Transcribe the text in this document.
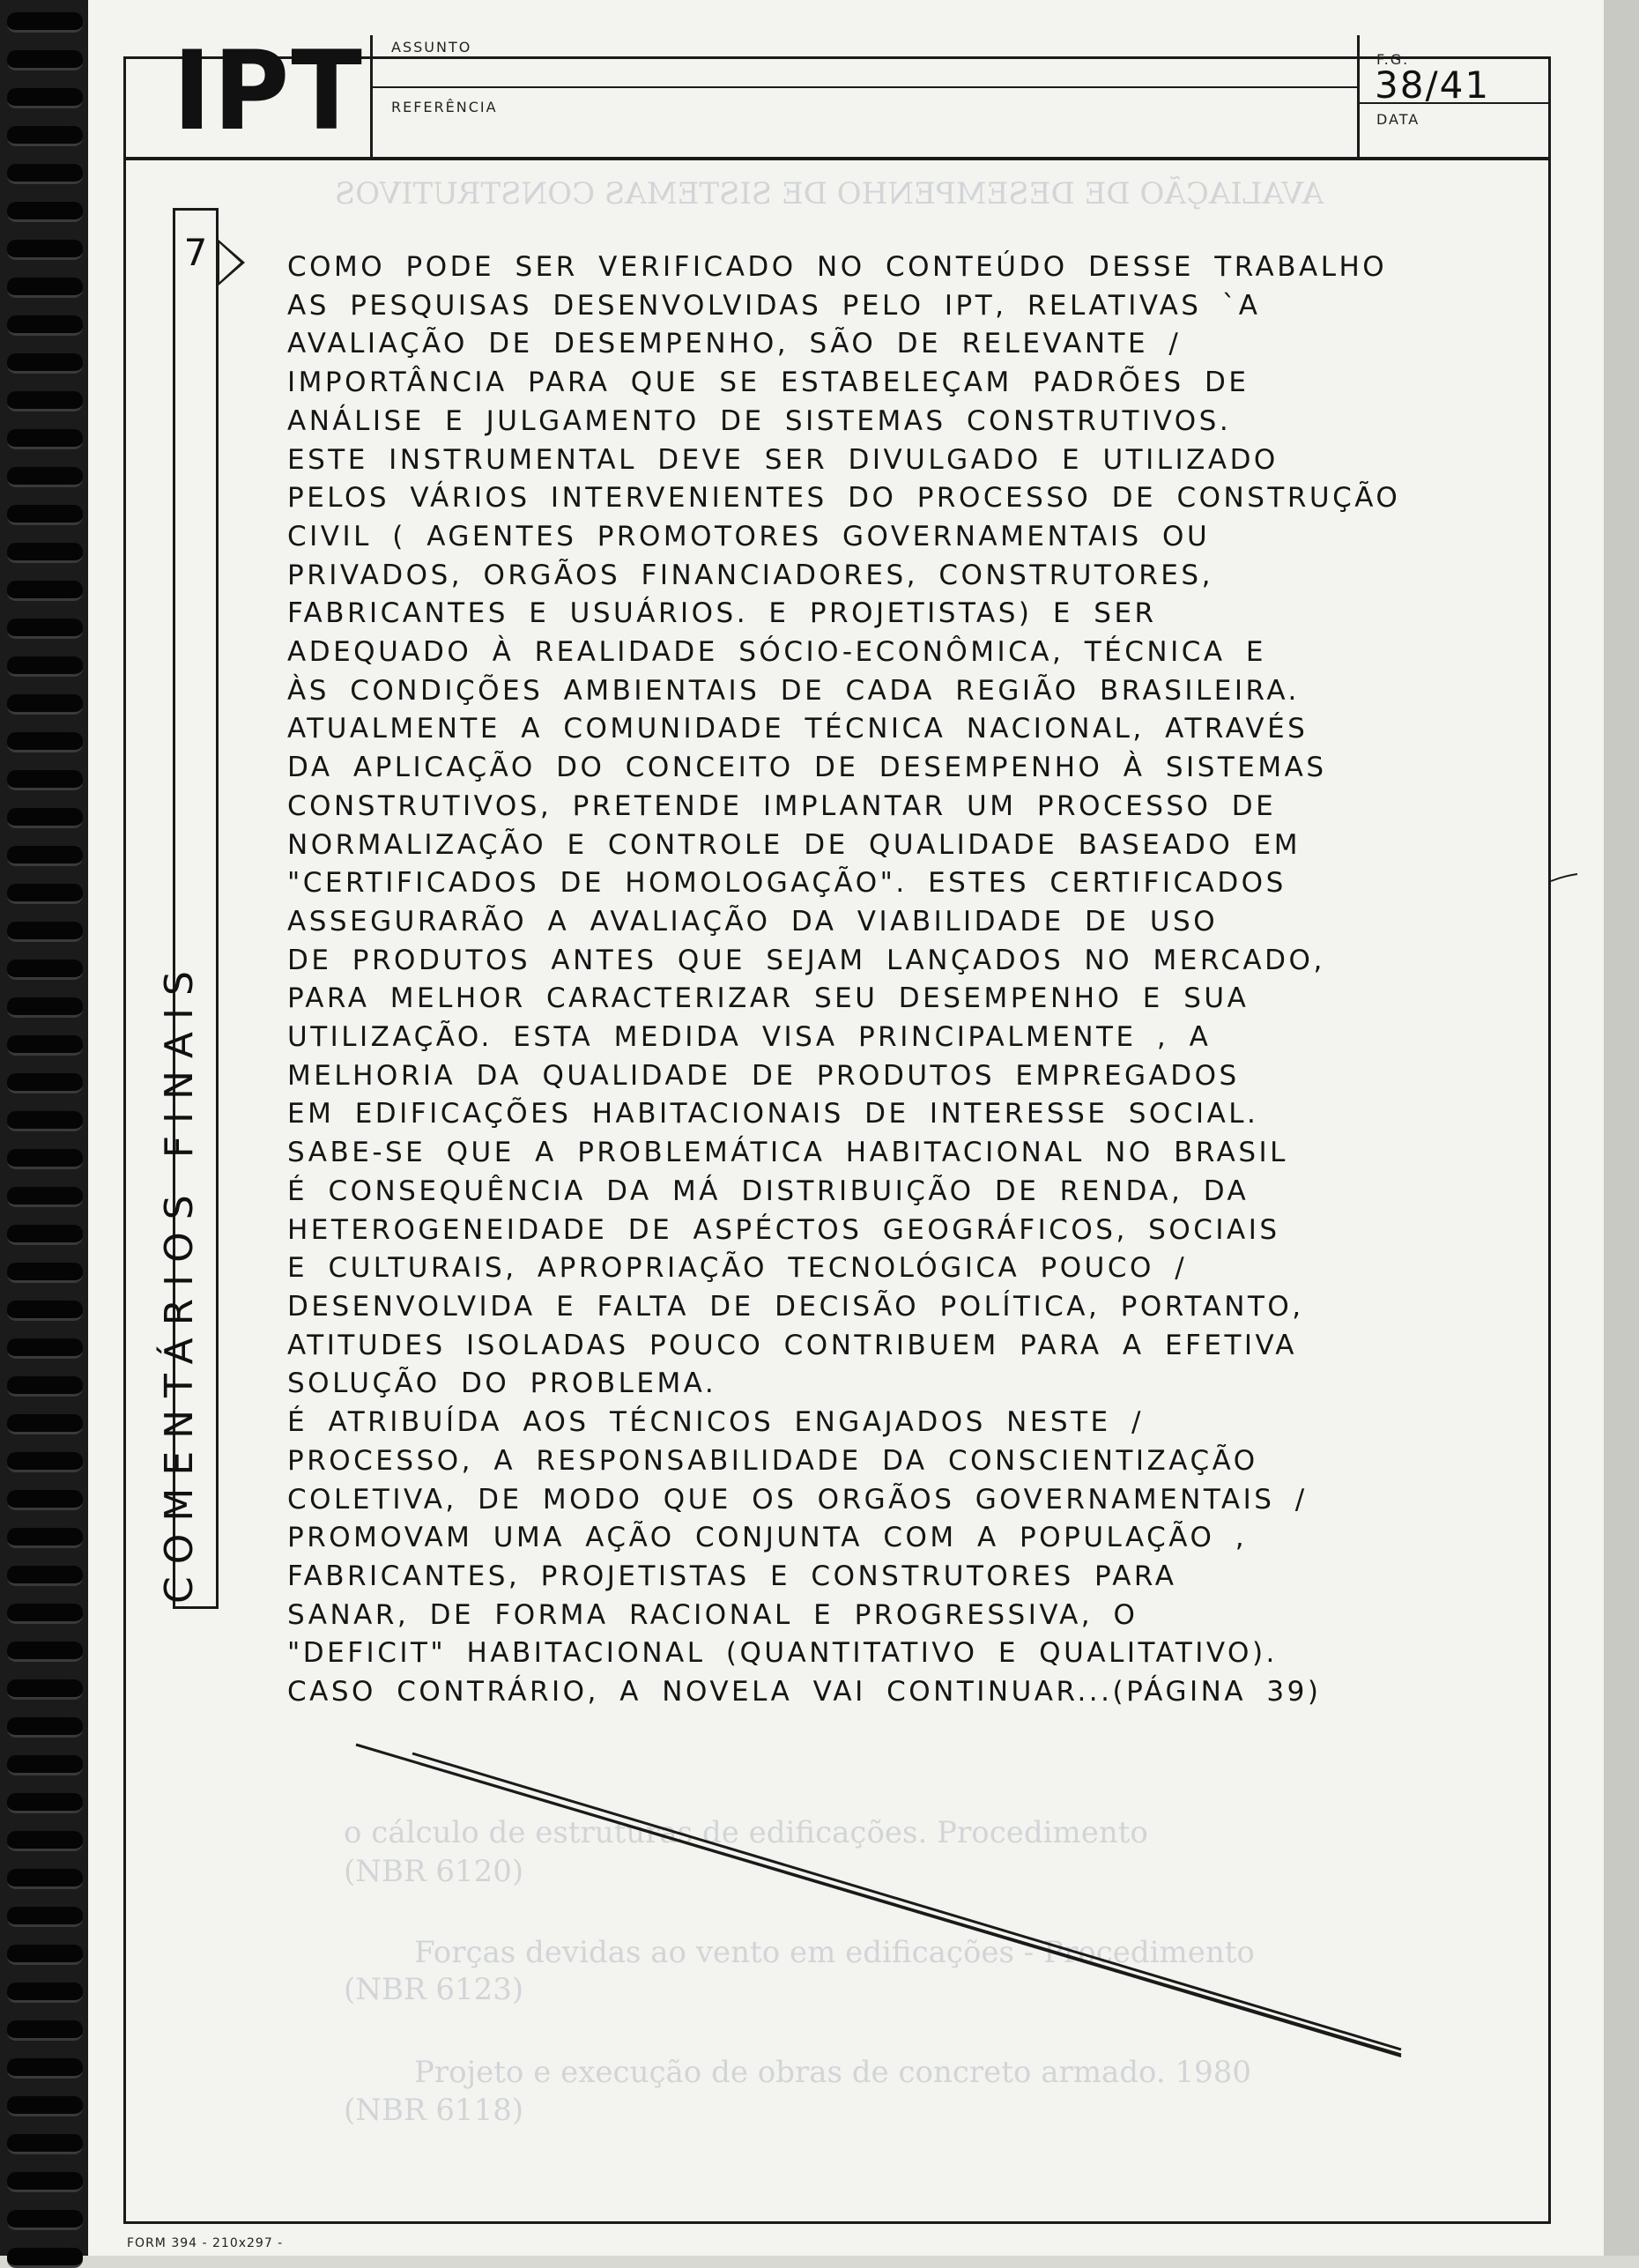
AVALIAÇÃO DE DESEMPENHO DE SISTEMAS CONSTRUTIVOS
Forças devidas ao vento em edificações - Procedimento
Projeto e execução de obras de concreto armado. 1980
(NBR 6118)
(NBR 6123)
o cálculo de estruturas de edificações. Procedimento
(NBR 6120)
IPT ASSUNTO
REFERÊNCIA
F.G.
DATA
38/41
7
COMENTÁRIOS FINAIS
COMO PODE SER VERIFICADO NO CONTEÚDO DESSE TRABALHO
AS PESQUISAS DESENVOLVIDAS PELO IPT, RELATIVAS `A
AVALIAÇÃO DE DESEMPENHO, SÃO DE RELEVANTE /
IMPORTÂNCIA PARA QUE SE ESTABELEÇAM PADRÕES DE
ANÁLISE E JULGAMENTO DE SISTEMAS CONSTRUTIVOS.
ESTE INSTRUMENTAL DEVE SER DIVULGADO E UTILIZADO
PELOS VÁRIOS INTERVENIENTES DO PROCESSO DE CONSTRUÇÃO
CIVIL ( AGENTES PROMOTORES GOVERNAMENTAIS OU
PRIVADOS, ORGÃOS FINANCIADORES, CONSTRUTORES,
FABRICANTES E USUÁRIOS. E PROJETISTAS) E SER
ADEQUADO À REALIDADE SÓCIO-ECONÔMICA, TÉCNICA E
ÀS CONDIÇÕES AMBIENTAIS DE CADA REGIÃO BRASILEIRA.
ATUALMENTE A COMUNIDADE TÉCNICA NACIONAL, ATRAVÉS
DA APLICAÇÃO DO CONCEITO DE DESEMPENHO À SISTEMAS
CONSTRUTIVOS, PRETENDE IMPLANTAR UM PROCESSO DE
NORMALIZAÇÃO E CONTROLE DE QUALIDADE BASEADO EM
"CERTIFICADOS DE HOMOLOGAÇÃO". ESTES CERTIFICADOS
ASSEGURARÃO A AVALIAÇÃO DA VIABILIDADE DE USO
DE PRODUTOS ANTES QUE SEJAM LANÇADOS NO MERCADO,
PARA MELHOR CARACTERIZAR SEU DESEMPENHO E SUA
UTILIZAÇÃO. ESTA MEDIDA VISA PRINCIPALMENTE , A
MELHORIA DA QUALIDADE DE PRODUTOS EMPREGADOS
EM EDIFICAÇÕES HABITACIONAIS DE INTERESSE SOCIAL.
SABE-SE QUE A PROBLEMÁTICA HABITACIONAL NO BRASIL
É CONSEQUÊNCIA DA MÁ DISTRIBUIÇÃO DE RENDA, DA
HETEROGENEIDADE DE ASPÉCTOS GEOGRÁFICOS, SOCIAIS
E CULTURAIS, APROPRIAÇÃO TECNOLÓGICA POUCO /
DESENVOLVIDA E FALTA DE DECISÃO POLÍTICA, PORTANTO,
ATITUDES ISOLADAS POUCO CONTRIBUEM PARA A EFETIVA
SOLUÇÃO DO PROBLEMA.
É ATRIBUÍDA AOS TÉCNICOS ENGAJADOS NESTE /
PROCESSO, A RESPONSABILIDADE DA CONSCIENTIZAÇÃO
COLETIVA, DE MODO QUE OS ORGÃOS GOVERNAMENTAIS /
PROMOVAM UMA AÇÃO CONJUNTA COM A POPULAÇÃO ,
FABRICANTES, PROJETISTAS E CONSTRUTORES PARA
SANAR, DE FORMA RACIONAL E PROGRESSIVA, O
"DEFICIT" HABITACIONAL (QUANTITATIVO E QUALITATIVO).
CASO CONTRÁRIO, A NOVELA VAI CONTINUAR...(PÁGINA 39)
FORM 394 - 210x297 -
